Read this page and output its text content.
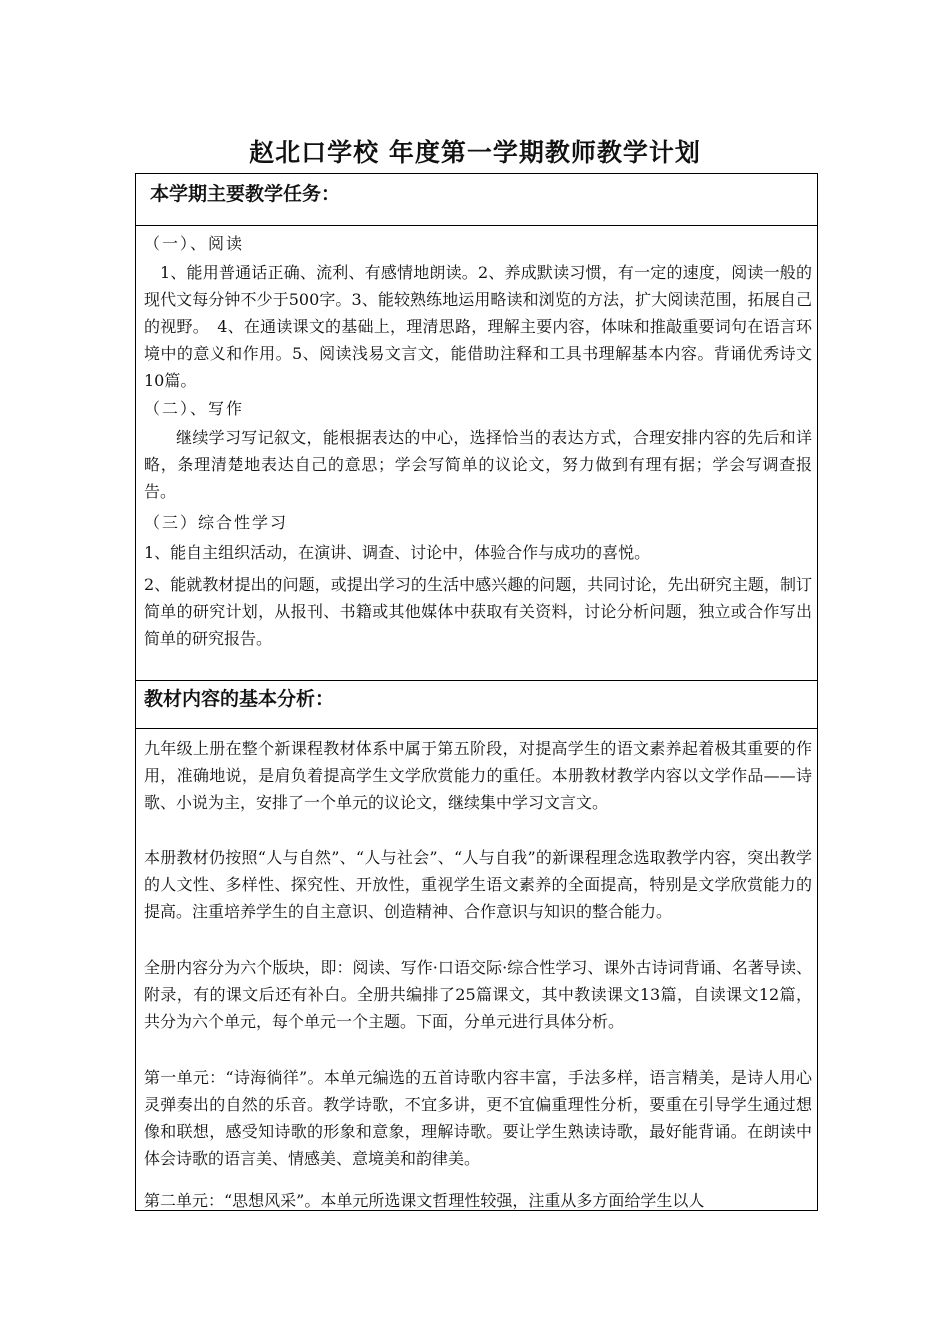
赵北口学校 年度第一学期教师教学计划
本学期主要教学任务：
（一）、阅读

1、能用普通话正确、流利、有感情地朗读。2、养成默读习惯，有一定的速度，阅读一般的现代文每分钟不少于500字。3、能较熟练地运用略读和浏览的方法，扩大阅读范围，拓展自己的视野。　4、在通读课文的基础上，理清思路，理解主要内容，体味和推敲重要词句在语言环境中的意义和作用。5、阅读浅易文言文，能借助注释和工具书理解基本内容。背诵优秀诗文10篇。

（二）、写作

继续学习写记叙文，能根据表达的中心，选择恰当的表达方式，合理安排内容的先后和详略，条理清楚地表达自己的意思；学会写简单的议论文，努力做到有理有据；学会写调查报告。

（三）综合性学习

1、能自主组织活动，在演讲、调查、讨论中，体验合作与成功的喜悦。

2、能就教材提出的问题，或提出学习的生活中感兴趣的问题，共同讨论，先出研究主题，制订简单的研究计划，从报刊、书籍或其他媒体中获取有关资料，讨论分析问题，独立或合作写出简单的研究报告。

教材内容的基本分析：

九年级上册在整个新课程教材体系中属于第五阶段，对提高学生的语文素养起着极其重要的作用，准确地说，是肩负着提高学生文学欣赏能力的重任。本册教材教学内容以文学作品——诗歌、小说为主，安排了一个单元的议论文，继续集中学习文言文。

本册教材仍按照“人与自然”、“人与社会”、“人与自我”的新课程理念选取教学内容，突出教学的人文性、多样性、探究性、开放性，重视学生语文素养的全面提高，特别是文学欣赏能力的提高。注重培养学生的自主意识、创造精神、合作意识与知识的整合能力。

全册内容分为六个版块，即：阅读、写作·口语交际·综合性学习、课外古诗词背诵、名著导读、附录，有的课文后还有补白。全册共编排了25篇课文，其中教读课文13篇，自读课文12篇，共分为六个单元，每个单元一个主题。下面，分单元进行具体分析。

第一单元：“诗海徜徉”。本单元编选的五首诗歌内容丰富，手法多样，语言精美，是诗人用心灵弹奏出的自然的乐音。教学诗歌，不宜多讲，更不宜偏重理性分析，要重在引导学生通过想像和联想，感受知诗歌的形象和意象，理解诗歌。要让学生熟读诗歌，最好能背诵。在朗读中体会诗歌的语言美、情感美、意境美和韵律美。

第二单元：“思想风采”。本单元所选课文哲理性较强，注重从多方面给学生以人
